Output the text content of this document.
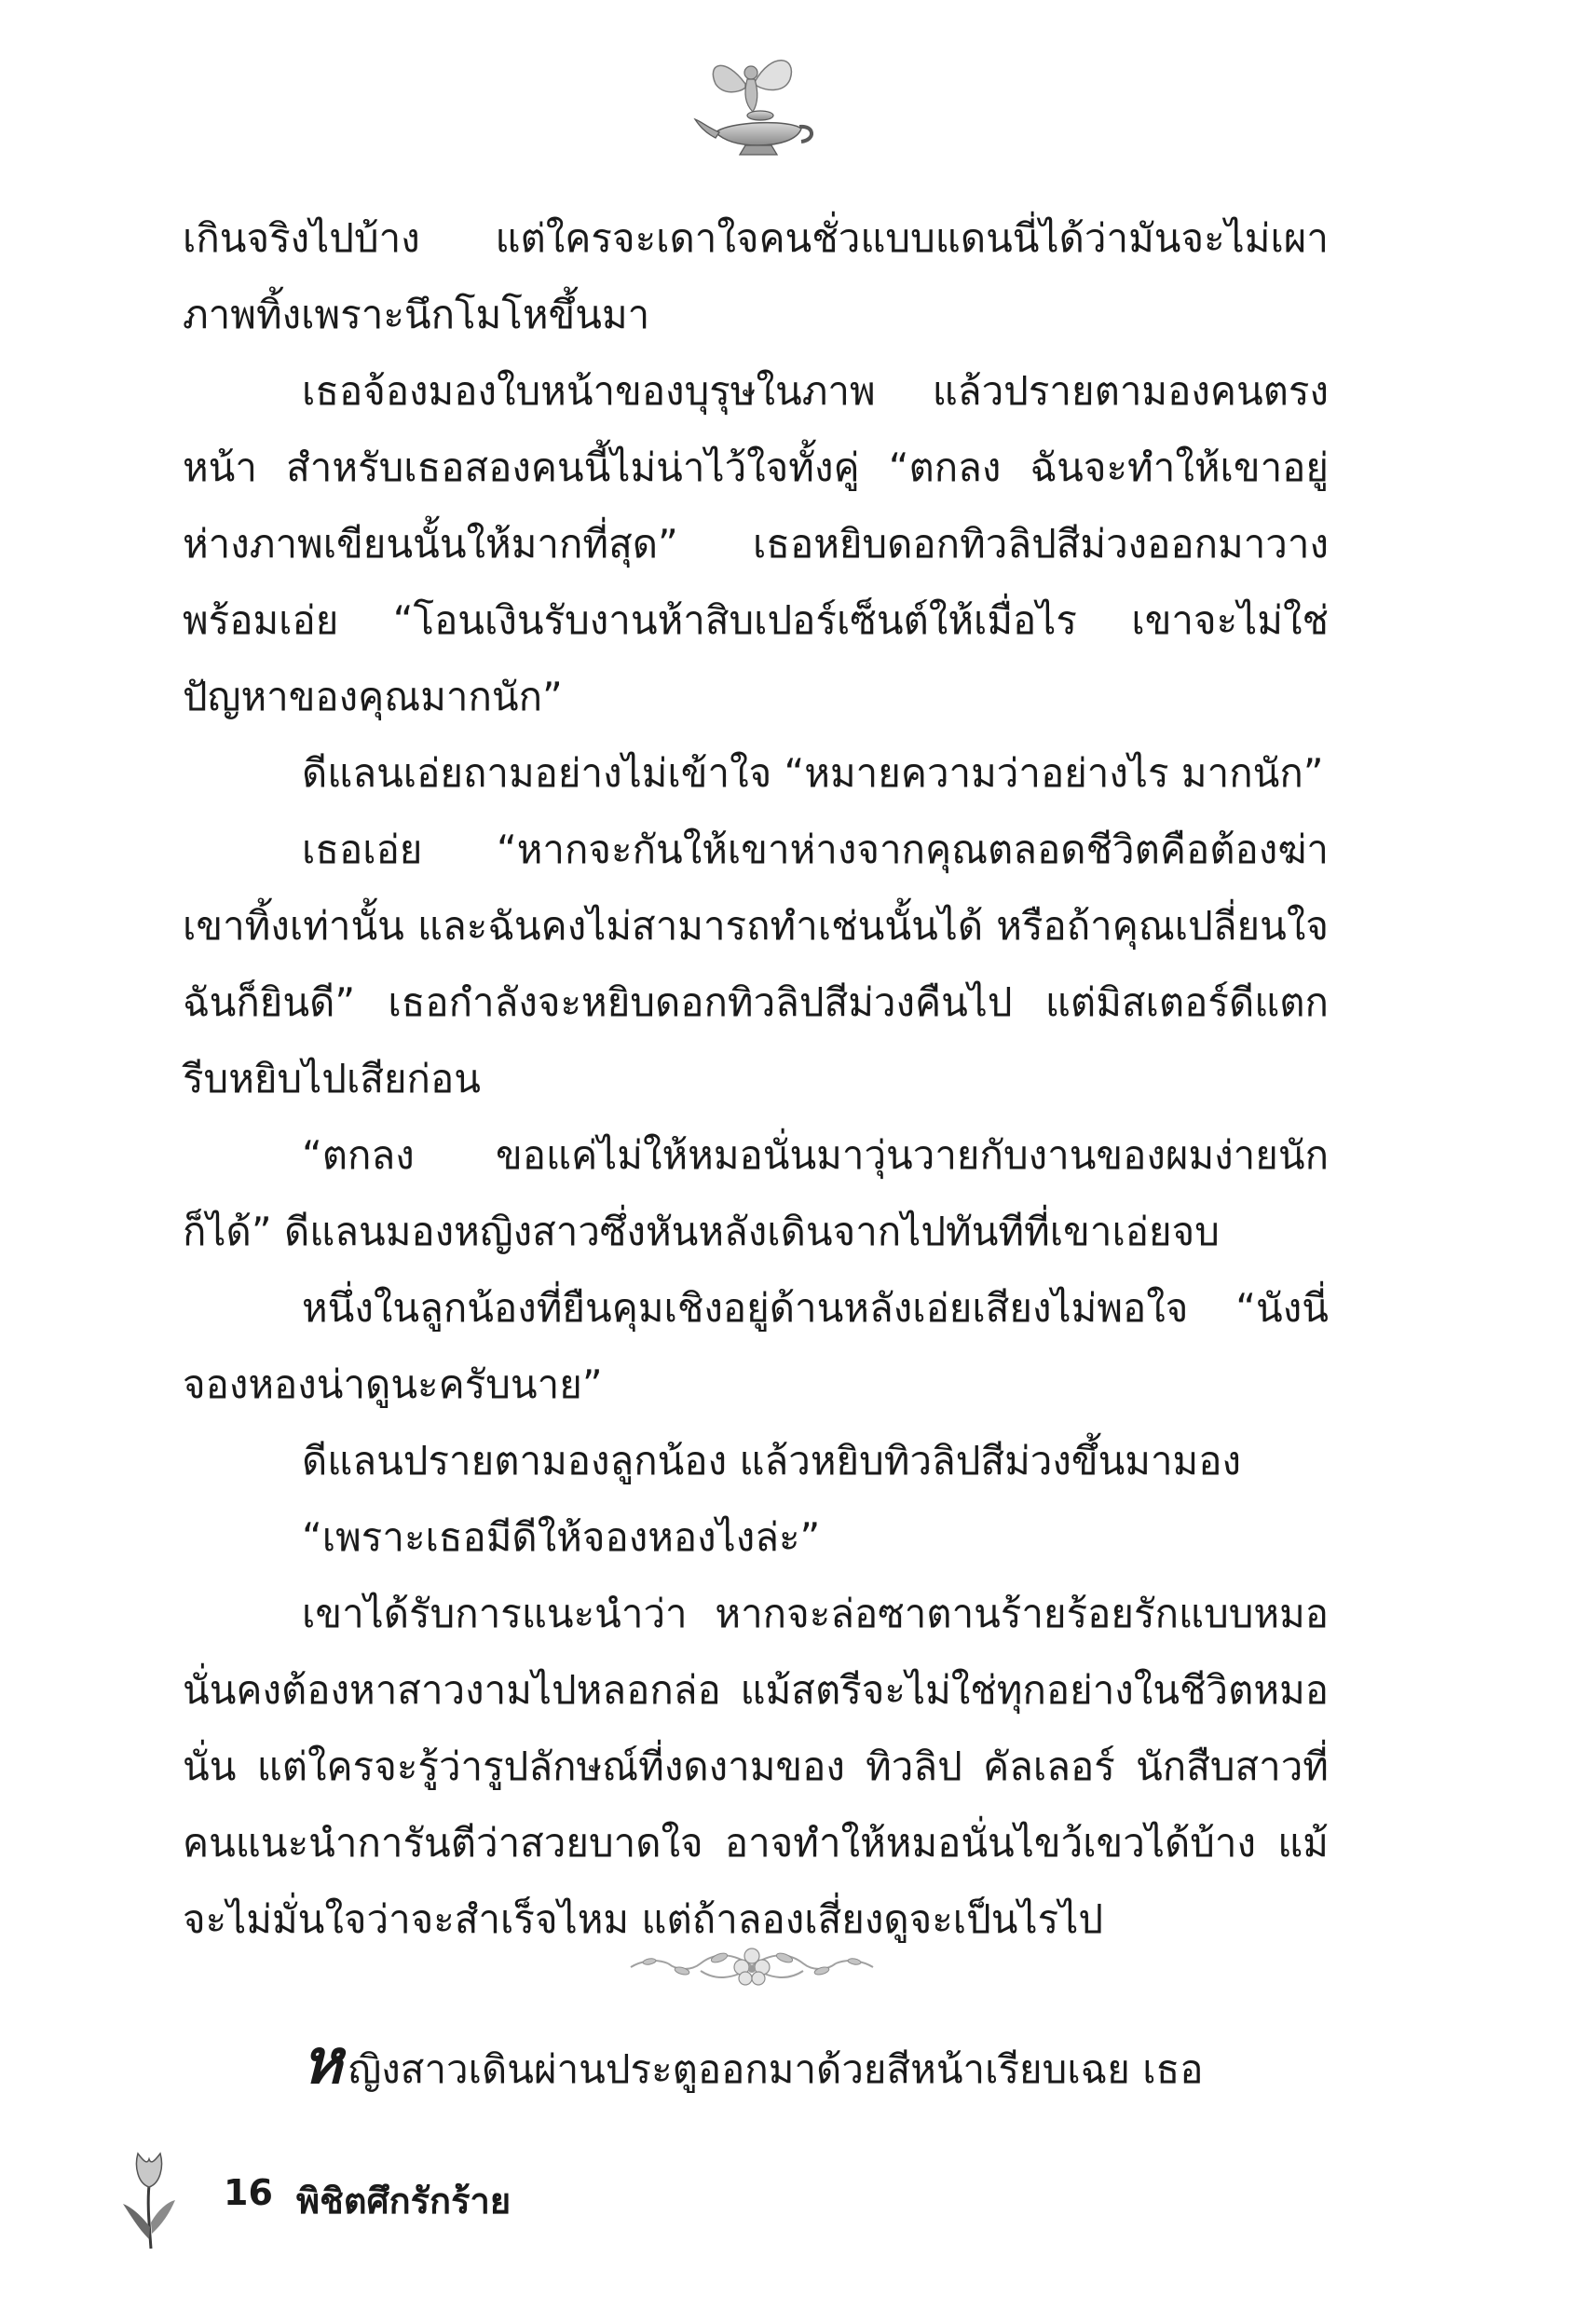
เกินจริงไปบ้าง แต่ใครจะเดาใจคนชั่วแบบแดนนี่ได้ว่ามันจะไม่เผาภาพทิ้งเพราะนึกโมโหขึ้นมา

เธอจ้องมองใบหน้าของบุรุษในภาพ แล้วปรายตามองคนตรงหน้า สำหรับเธอสองคนนี้ไม่น่าไว้ใจทั้งคู่ “ตกลง ฉันจะทำให้เขาอยู่ห่างภาพเขียนนั้นให้มากที่สุด” เธอหยิบดอกทิวลิปสีม่วงออกมาวาง พร้อมเอ่ย “โอนเงินรับงานห้าสิบเปอร์เซ็นต์ให้เมื่อไร เขาจะไม่ใช่ปัญหาของคุณมากนัก”

ดีแลนเอ่ยถามอย่างไม่เข้าใจ “หมายความว่าอย่างไร มากนัก”

เธอเอ่ย “หากจะกันให้เขาห่างจากคุณตลอดชีวิตคือต้องฆ่าเขาทิ้งเท่านั้น และฉันคงไม่สามารถทำเช่นนั้นได้ หรือถ้าคุณเปลี่ยนใจ ฉันก็ยินดี” เธอกำลังจะหยิบดอกทิวลิปสีม่วงคืนไป แต่มิสเตอร์ดีแตกรีบหยิบไปเสียก่อน

“ตกลง ขอแค่ไม่ให้หมอนั่นมาวุ่นวายกับงานของผมง่ายนักก็ได้” ดีแลนมองหญิงสาวซึ่งหันหลังเดินจากไปทันทีที่เขาเอ่ยจบ

หนึ่งในลูกน้องที่ยืนคุมเชิงอยู่ด้านหลังเอ่ยเสียงไม่พอใจ “นังนี่จองหองน่าดูนะครับนาย”

ดีแลนปรายตามองลูกน้อง แล้วหยิบทิวลิปสีม่วงขึ้นมามอง

“เพราะเธอมีดีให้จองหองไงล่ะ”

เขาได้รับการแนะนำว่า หากจะล่อซาตานร้ายร้อยรักแบบหมอนั่นคงต้องหาสาวงามไปหลอกล่อ แม้สตรีจะไม่ใช่ทุกอย่างในชีวิตหมอนั่น แต่ใครจะรู้ว่ารูปลักษณ์ที่งดงามของ ทิวลิป คัลเลอร์ นักสืบสาวที่คนแนะนำการันตีว่าสวยบาดใจ อาจทำให้หมอนั่นไขว้เขวได้บ้าง แม้จะไม่มั่นใจว่าจะสำเร็จไหม แต่ถ้าลองเสี่ยงดูจะเป็นไรไป

หญิงสาวเดินผ่านประตูออกมาด้วยสีหน้าเรียบเฉย เธอ

16 พิชิตศึกรักร้าย
